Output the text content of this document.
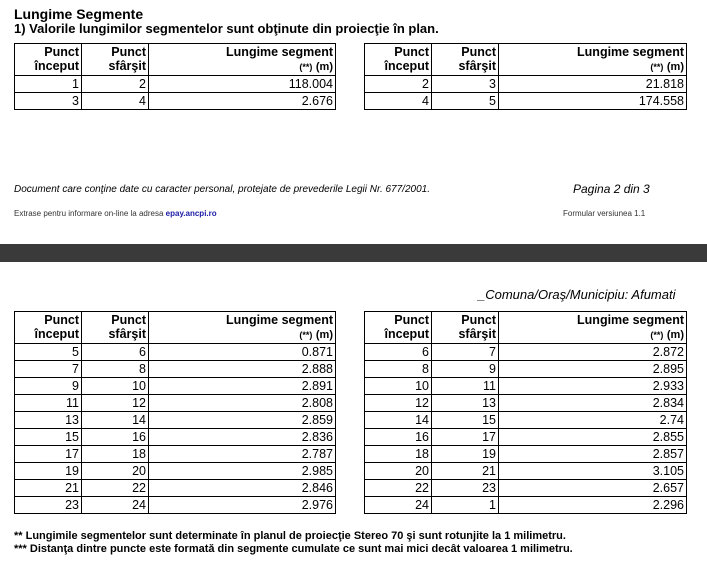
Lungime Segmente
1) Valorile lungimilor segmentelor sunt obţinute din proiecţie în plan.
Punct
început	Punct
sfârşit	Lungime segment
(**) (m)
1	2	118.004
3	4	2.676
Punct
început	Punct
sfârşit	Lungime segment
(**) (m)
2	3	21.818
4	5	174.558
Document care conţine date cu caracter personal, protejate de prevederile Legii Nr. 677/2001.	Pagina 2 din 3
Extrase pentru informare on-line la adresa epay.ancpi.ro	Formular versiunea 1.1
_Comuna/Oraş/Municipiu: Afumati
Punct
început	Punct
sfârşit	Lungime segment
(**) (m)
5	6	0.871
7	8	2.888
9	10	2.891
11	12	2.808
13	14	2.859
15	16	2.836
17	18	2.787
19	20	2.985
21	22	2.846
23	24	2.976
Punct
început	Punct
sfârşit	Lungime segment
(**) (m)
6	7	2.872
8	9	2.895
10	11	2.933
12	13	2.834
14	15	2.74
16	17	2.855
18	19	2.857
20	21	3.105
22	23	2.657
24	1	2.296
** Lungimile segmentelor sunt determinate în planul de proiecţie Stereo 70 şi sunt rotunjite la 1 milimetru.
*** Distanţa dintre puncte este formată din segmente cumulate ce sunt mai mici decât valoarea 1 milimetru.
